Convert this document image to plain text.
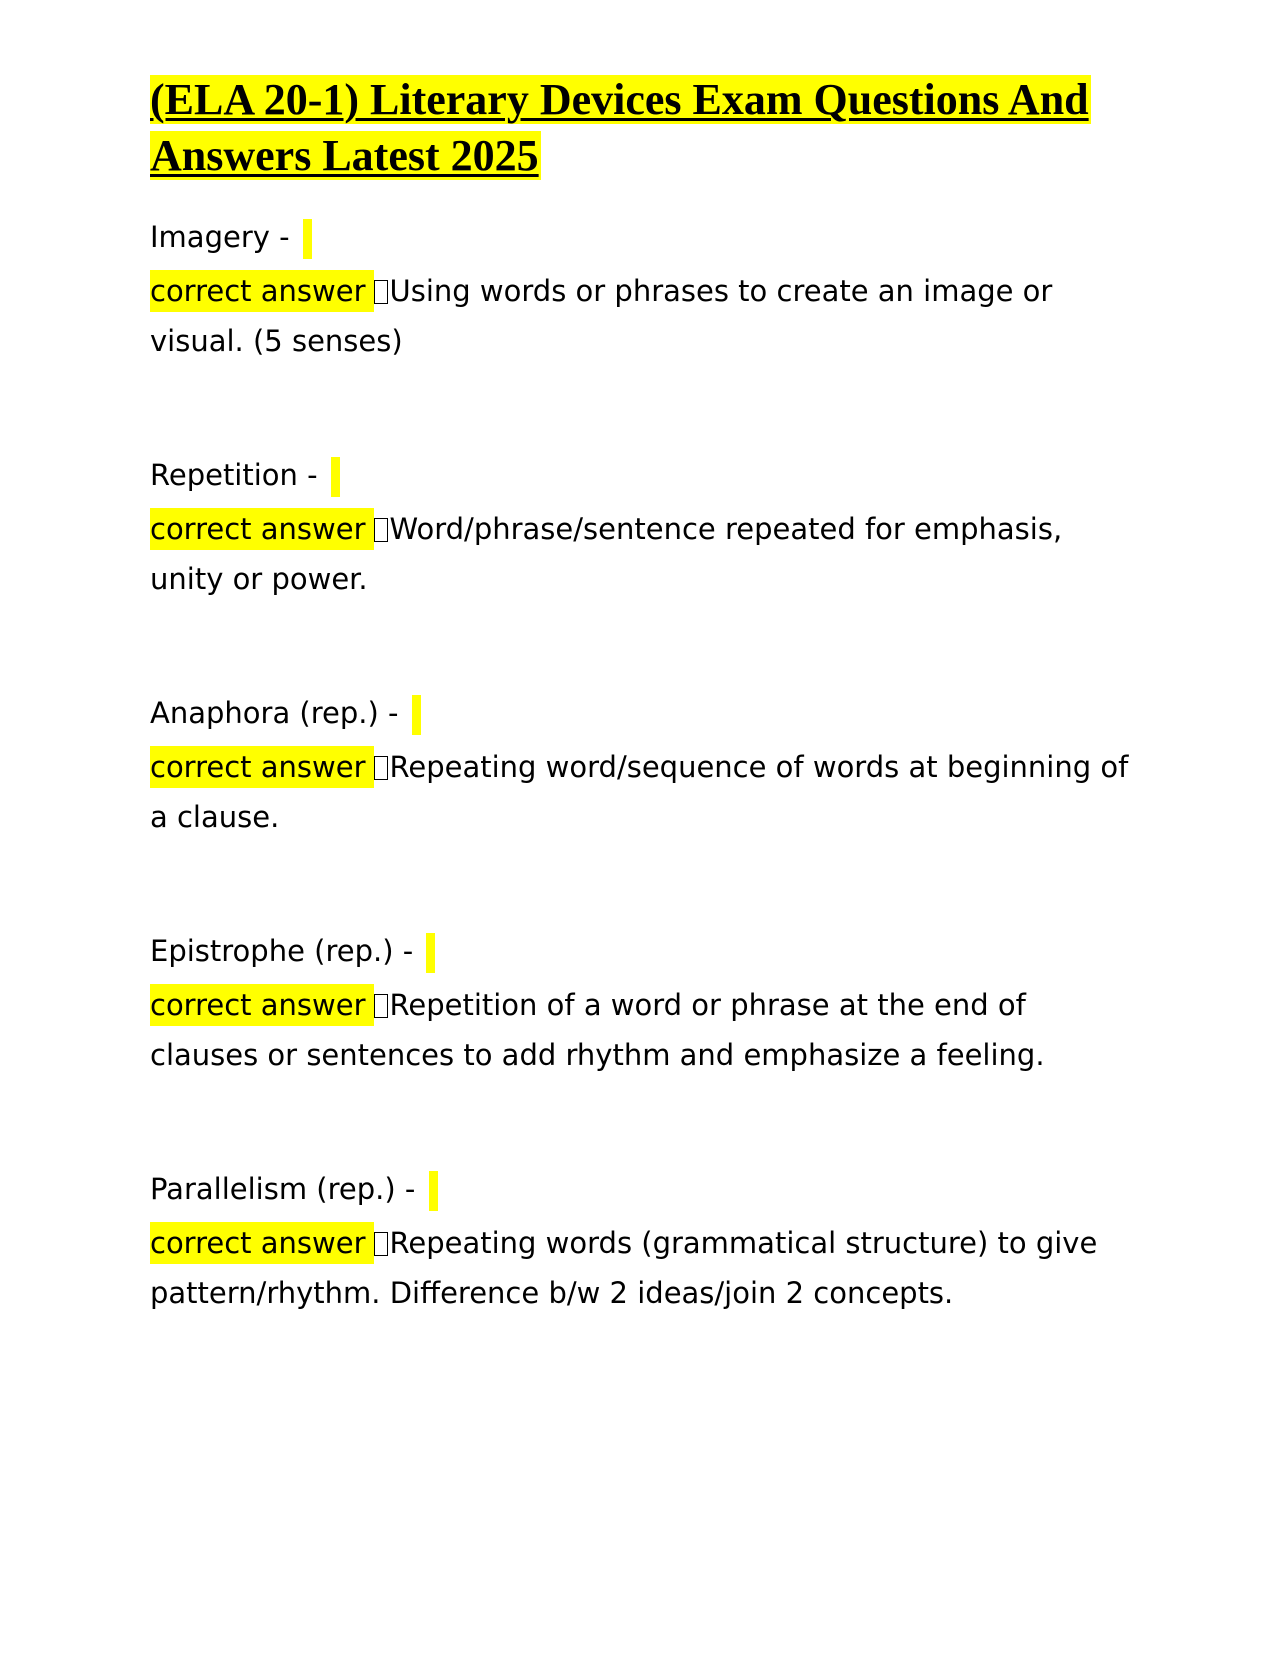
(ELA 20-1) Literary Devices Exam Questions And Answers Latest 2025
Imagery -
correct answer Using words or phrases to create an image or visual. (5 senses)
Repetition -
correct answer Word/phrase/sentence repeated for emphasis, unity or power.
Anaphora (rep.) -
correct answer Repeating word/sequence of words at beginning of a clause.
Epistrophe (rep.) -
correct answer Repetition of a word or phrase at the end of clauses or sentences to add rhythm and emphasize a feeling.
Parallelism (rep.) -
correct answer Repeating words (grammatical structure) to give pattern/rhythm. Difference b/w 2 ideas/join 2 concepts.
